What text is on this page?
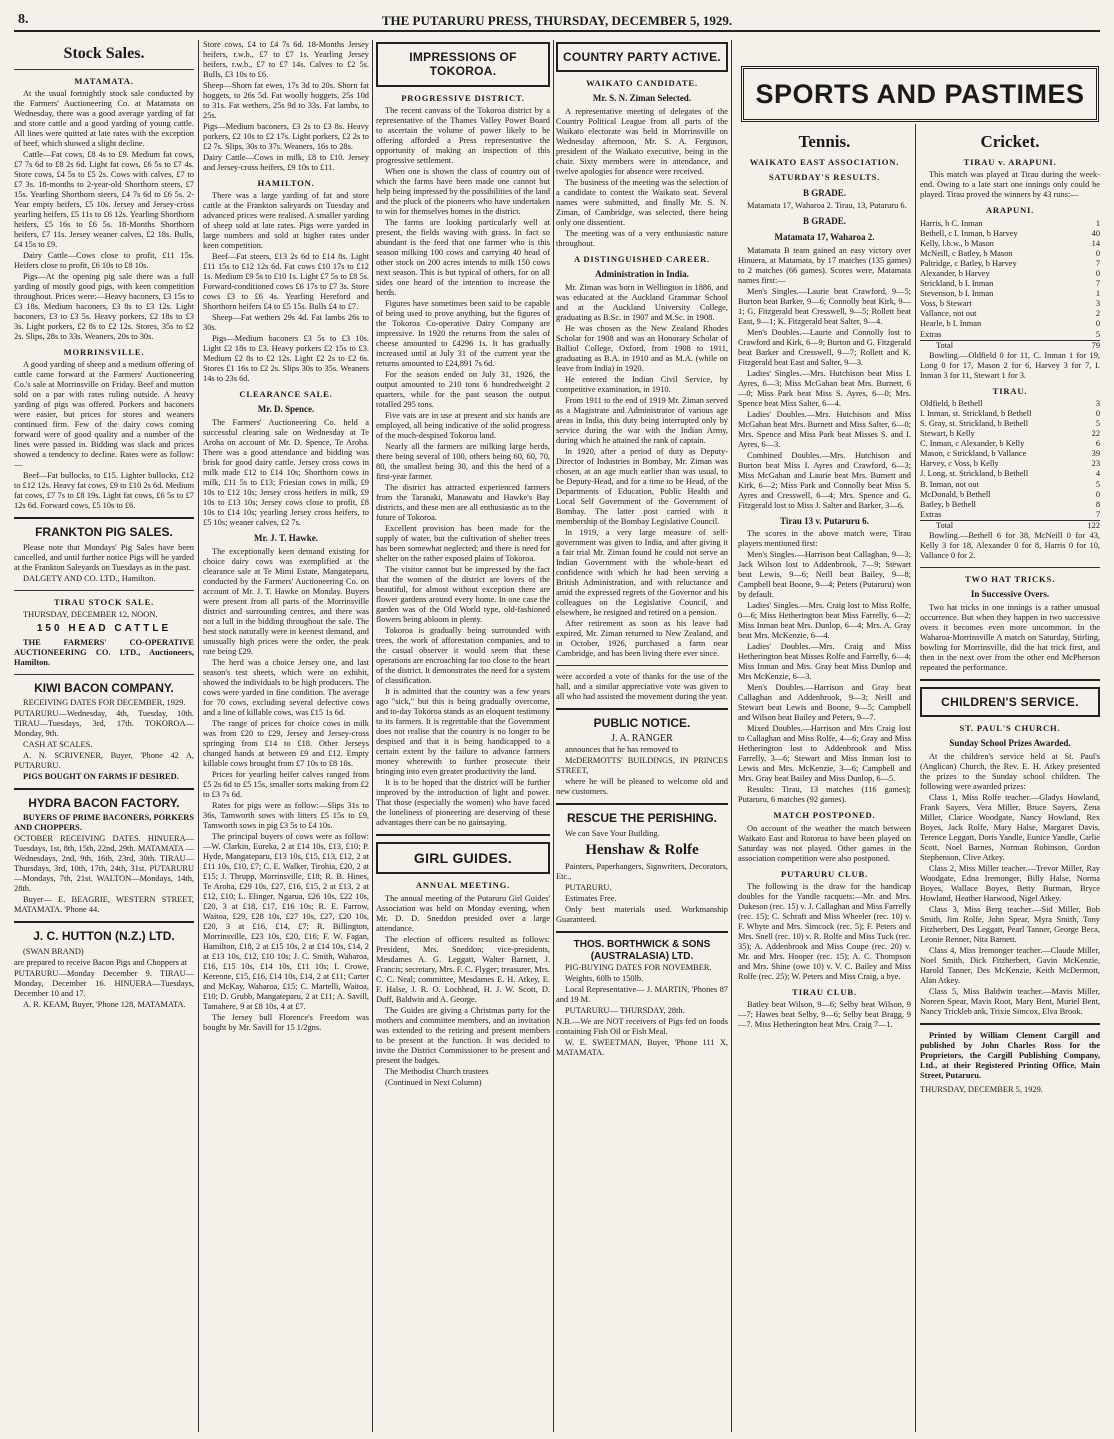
8.	THE PUTARURU PRESS, THURSDAY, DECEMBER 5, 1929.
Stock Sales.
MATAMATA.

At the usual fortnightly stock sale conducted by the Farmers' Auctioneering Co. at Matamata on Wednesday, there was a good average yarding of fat and store cattle and a good yarding of young cattle. All lines were quitted at late rates with the exception of beef, which showed a slight decline.

Cattle—Fat cows, £8 4s to £9. Medium fat cows, £7 7s 6d to £8 2s 6d. Light fat cows, £6 5s to £7 4s. Store cows, £4 5s to £5 2s. Cows with calves, £7 to £7 3s. 18-months to 2-year-old Shorthorn steers, £7 15s. Yearling Shorthorn steers, £4 7s 6d to £6 5s. 2-Year empty heifers, £5 10s. Jersey and Jersey-cross yearling heifers, £5 11s to £6 12s. Yearling Shorthorn heifers, £5 16s to £6 5s. 18-Months Shorthorn heifers, £7 11s. Jersey weaner calves, £2 18s. Bulls, £4 15s to £9.

Dairy Cattle—Cows close to profit, £11 15s. Heifers close to profit, £6 10s to £8 10s.

Pigs—At the opening pig sale there was a full yarding of mostly good pigs, with keen competition throughout. Prices were:—Heavy baconers, £3 15s to £3 18s. Medium baconers, £3 8s to £3 12s. Light baconers, £3 to £3 5s. Heavy porkers, £2 18s to £3 3s. Light porkers, £2 8s to £2 12s. Stores, 35s to £2 2s. Slips, 28s to 33s. Weaners, 20s to 30s.

MORRINSVILLE.

A good yarding of sheep and a medium offering of cattle came forward at the Farmers' Auctioneering Co.'s sale at Morrinsville on Friday. Beef and mutton sold on a par with rates ruling outside. A heavy yarding of pigs was offered. Porkers and baconers were easier, but prices for stores and weaners continued firm. Few of the dairy cows coming forward were of good quality and a number of the lines were passed in. Bidding was slack and prices showed a tendency to decline. Rates were as follow:—

Beef—Fat bullocks, to £15. Lighter bullocks, £12 to £12 12s. Heavy fat cows, £9 to £10 2s 6d. Medium fat cows, £7 7s to £8 19s. Light fat cows, £6 5s to £7 12s 6d. Forward cows, £5 10s to £6.

FRANKTON PIG SALES.

Please note that Mondays' Pig Sales have been cancelled, and until further notice Pigs will be yarded at the Frankton Saleyards on Tuesdays as in the past.

DALGETY AND CO. LTD., Hamilton.

TIRAU STOCK SALE.

THURSDAY, DECEMBER 12, NOON.

150 HEAD CATTLE

THE FARMERS' CO-OPERATIVE AUCTIONEERING CO. LTD., Auctioneers, Hamilton.

KIWI BACON COMPANY.

RECEIVING DATES FOR DECEMBER, 1929.

PUTARURU—Wednesday, 4th, Tuesday, 10th. TIRAU—Tuesdays, 3rd, 17th. TOKOROA—Monday, 9th.

CASH AT SCALES.

A. N. SCRIVENER, Buyer, 'Phone 42 A, PUTARURU.

PIGS BOUGHT ON FARMS IF DESIRED.

HYDRA BACON FACTORY.

BUYERS OF PRIME BACONERS, PORKERS AND CHOPPERS.

OCTOBER RECEIVING DATES. HINUERA—Tuesdays, 1st, 8th, 15th, 22nd, 29th. MATAMATA — Wednesdays, 2nd, 9th, 16th, 23rd, 30th. TIRAU—Thursdays, 3rd, 10th, 17th, 24th, 31st. PUTARURU—Mondays, 7th, 21st. WALTON—Mondays, 14th, 28th.

Buyer— E. BEAGRIE, WESTERN STREET, MATAMATA. 'Phone 44.

J. C. HUTTON (N.Z.) LTD.

(SWAN BRAND)

are prepared to receive Bacon Pigs and Choppers at

PUTARURU—Monday December 9. TIRAU—Monday, December 16. HINUERA—Tuesdays, December 10 and 17.

A. R. KEAM, Buyer, 'Phone 128, MATAMATA.

Store cows, £4 to £4 7s 6d. 18-Months Jersey heifers, r.w.b., £7 to £7 1s. Yearling Jersey heifers, r.w.b., £7 to £7 14s. Calves to £2 5s. Bulls, £3 10s to £6.

Sheep—Shorn fat ewes, 17s 3d to 20s. Shorn fat hoggets, to 26s 5d. Fat woolly hoggets, 25s 10d to 31s. Fat wethers, 25s 9d to 33s. Fat lambs, to 25s.

Pigs—Medium baconers, £3 2s to £3 8s. Heavy porkers, £2 10s to £2 17s. Light porkers, £2 2s to £2 7s. Slips, 30s to 37s. Weaners, 16s to 28s.

Dairy Cattle—Cows in milk, £8 to £10. Jersey and Jersey-cross heifers, £9 10s to £11.

HAMILTON.

There was a large yarding of fat and store cattle at the Frankton saleyards on Tuesday and advanced prices were realised. A smaller yarding of sheep sold at late rates. Pigs were yarded in large numbers and sold at higher rates under keen competition.

Beef—Fat steers, £13 2s 6d to £14 8s. Light £11 15s to £12 12s 6d. Fat cows £10 17s to £12 1s. Medium £9 5s to £10 1s. Light £7 5s to £8 5s. Forward-conditioned cows £6 17s to £7 3s. Store cows £3 to £6 4s. Yearling Hereford and Shorthorn heifers £4 to £5 15s. Bulls £4 to £7.

Sheep—Fat wethers 29s 4d. Fat lambs 26s to 30s.

Pigs—Medium baconers £3 5s to £3 10s. Light £2 18s to £3. Heavy porkers £2 15s to £3. Medium £2 8s to £2 12s. Light £2 2s to £2 6s. Stores £1 16s to £2 2s. Slips 30s to 35s. Weaners 14s to 23s 6d.

CLEARANCE SALE.
Mr. D. Spence.

The Farmers' Auctioneering Co. held a successful clearing sale on Wednesday at Te Aroha on account of Mr. D. Spence, Te Aroha. There was a good attendance and bidding was brisk for good dairy cattle. Jersey cross cows in milk made £12 to £14 10s; Shorthorn cows in milk, £11 5s to £13; Friesian cows in milk, £9 10s to £12 10s; Jersey cross heifers in milk, £9 10s to £13 10s; Jersey cows close to profit, £8 10s to £14 10s; yearling Jersey cross heifers, to £5 10s; weaner calves, £2 7s.

Mr. J. T. Hawke.

The exceptionally keen demand existing for choice dairy cows was exemplified at the clearance sale at Te Mimi Estate, Mangateparu, conducted by the Farmers' Auctioneering Co. on account of Mr. J. T. Hawke on Monday. Buyers were present from all parts of the Morrinsville district and surrounding centres, and there was not a lull in the bidding throughout the sale. The best stock naturally were in keenest demand, and unusually high prices were the order, the peak rate being £29.

The herd was a choice Jersey one, and last season's test sheets, which were on exhibit, showed the individuals to be high producers. The cows were yarded in fine condition. The average for 70 cows, excluding several defective cows and a line of killable cows, was £15 1s 6d.

The range of prices for choice cows in milk was from £20 to £29, Jersey and Jersey-cross springing from £14 to £18. Other Jerseys changed hands at between £9 and £12. Empty killable cows brought from £7 10s to £8 10s.

Prices for yearling heifer calves ranged from £5 2s 6d to £5 15s, smaller sorts making from £2 to £3 7s 6d.

Rates for pigs were as follow:—Slips 31s to 36s, Tamworth sows with litters £5 15s to £9, Tamworth sows in pig £3 5s to £4 10s.

The principal buyers of cows were as follow:—W. Clarkin, Eureka, 2 at £14 10s, £13, £10; P. Hyde, Mangateparu, £13 10s, £15, £13, £12, 2 at £11 10s, £10, £7; C. E. Walker, Tirohia, £20, 2 at £15; J. Thrupp, Morrinsville, £18; R. B. Hines, Te Aroha, £29 10s, £27, £16, £15, 2 at £13, 2 at £12, £10; L. Elinger, Ngarua, £26 10s, £22 10s, £20, 3 at £18, £17, £16 10s; R. E. Farrow, Waitoa, £29, £28 10s, £27 10s, £27, £20 10s, £20, 3 at £16, £14, £7; R. Billington, Morrinsville, £23 10s, £20, £16; F. W. Fagan, Hamilton, £18, 2 at £15 10s, 2 at £14 10s, £14, 2 at £13 10s, £12, £10 10s; J. C. Smith, Waharoa, £16, £15 10s, £14 10s, £11 10s; I. Crowe, Kereone, £15, £16, £14 10s, £14, 2 at £11; Carter and McKay, Waharoa, £15; C. Martelli, Waitoa, £10; D. Grubb, Mangateparu, 2 at £11; A. Savill, Tamahere, 9 at £8 10s, 4 at £7.

The Jersey bull Florence's Freedom was bought by Mr. Savill for 15 1/2gns.

IMPRESSIONS OF TOKOROA.
PROGRESSIVE DISTRICT.

The recent canvass of the Tokoroa district by a representative of the Thames Valley Power Board to ascertain the volume of power likely to be offering afforded a Press representative the opportunity of making an inspection of this progressive settlement.

When one is shown the class of country out of which the farms have been made one cannot but help being impressed by the possibilities of the land and the pluck of the pioneers who have undertaken to win for themselves homes in the district.

The farms are looking particularly well at present, the fields waving with grass. In fact so abundant is the feed that one farmer who is this season milking 100 cows and carrying 40 head of other stock on 200 acres intends to milk 150 cows next season. This is but typical of others, for on all sides one heard of the intention to increase the herds.

Figures have sometimes been said to be capable of being used to prove anything, but the figures of the Tokoroa Co-operative Dairy Company are impressive. In 1920 the returns from the sales of cheese amounted to £4296 1s. It has gradually increased until at July 31 of the current year the returns amounted to £24,891 7s 6d.

For the season ended on July 31, 1926, the output amounted to 210 tons 6 hundredweight 2 quarters, while for the past season the output totalled 295 tons.

Five vats are in use at present and six hands are employed, all being indicative of the solid progress of the much-despised Tokoroa land.

Nearly all the farmers are milking large herds, there being several of 100, others being 60, 60, 70, 80, the smallest being 30, and this the herd of a first-year farmer.

The district has attracted experienced farmers from the Taranaki, Manawatu and Hawke's Bay districts, and these men are all enthusiastic as to the future of Tokoroa.

Excellent provision has been made for the supply of water, but the cultivation of shelter trees has been somewhat neglected; and there is need for shelter on the rather exposed plains of Tokoroa.

The visitor cannot but be impressed by the fact that the women of the district are lovers of the beautiful, for almost without exception there are flower gardens around every home. In one case the garden was of the Old World type, old-fashioned flowers being abloom in plenty.

Tokoroa is gradually being surrounded with trees, the work of afforestation companies, and to the casual observer it would seem that these operations are encroaching far too close to the heart of the district. It demonstrates the need for a system of classification.

It is admitted that the country was a few years ago "sick," but this is being gradually overcome, and to-day Tokoroa stands as an eloquent testimony to its farmers. It is regrettable that the Government does not realise that the country is no longer to be despised and that it is being handicapped to a certain extent by the failure to advance farmers money wherewith to further prosecute their bringing into even greater productivity the land.

It is to be hoped that the district will be further improved by the introduction of light and power. That those (especially the women) who have faced the loneliness of pioneering are deserving of these advantages there can be no gainsaying.

GIRL GUIDES.
ANNUAL MEETING.

The annual meeting of the Putaruru Girl Guides' Association was held on Monday evening, when Mr. D. D. Sneddon presided over a large attendance.

The election of officers resulted as follows: President, Mrs. Sneddon; vice-presidents, Mesdames A. G. Leggatt, Walter Barnett, J. Francis; secretary, Mrs. F. C. Flyger; treasurer, Mrs. C. C. Neal; committee, Mesdames E. H. Atkey, E. F. Halse, J. R. O. Lochhead, H. J. W. Scott, D. Duff, Baldwin and A. George.

The Guides are giving a Christmas party for the mothers and committee members, and an invitation was extended to the retiring and present members to be present at the function. It was decided to invite the District Commissioner to be present and present the badges.

The Methodist Church trustees

(Continued in Next Column)

COUNTRY PARTY ACTIVE.
WAIKATO CANDIDATE.
Mr. S. N. Ziman Selected.

A representative meeting of delegates of the Country Political League from all parts of the Waikato electorate was held in Morrinsville on Wednesday afternoon, Mr. S. A. Ferguson, president of the Waikato executive, being in the chair. Sixty members were in attendance, and twelve apologies for absence were received.

The business of the meeting was the selection of a candidate to contest the Waikato seat. Several names were submitted, and finally Mr. S. N. Ziman, of Cambridge, was selected, there being only one dissentient.

The meeting was of a very enthusiastic nature throughout.

A DISTINGUISHED CAREER.
Administration in India.

Mr. Ziman was born in Wellington in 1886, and was educated at the Auckland Grammar School and at the Auckland University College, graduating as B.Sc. in 1907 and M.Sc. in 1908.

He was chosen as the New Zealand Rhodes Scholar for 1908 and was an Honorary Scholar of Balliol College, Oxford, from 1908 to 1911, graduating as B.A. in 1910 and as M.A. (while on leave from India) in 1920.

He entered the Indian Civil Service, by competitive examination, in 1910.

From 1911 to the end of 1919 Mr. Ziman served as a Magistrate and Administrator of various age areas in India, this duty being interrupted only by service during the war with the Indian Army, during which he attained the rank of captain.

In 1920, after a period of duty as Deputy-Director of Industries in Bombay, Mr. Ziman was chosen, at an age much earlier than was usual, to be Deputy-Head, and for a time to be Head, of the Departments of Education, Public Health and Local Self Government of the Government of Bombay. The latter post carried with it membership of the Bombay Legislative Council.

In 1919, a very large measure of self-government was given to India, and after giving it a fair trial Mr. Ziman found he could not serve an Indian Government with the whole-heart ed confidence with which he had been serving a British Administration, and with reluctance and amid the expressed regrets of the Governor and his colleagues on the Legislative Council, and elsewhere, he resigned and retired on a pension.

After retirement as soon as his leave had expired, Mr. Ziman returned to New Zealand, and in October, 1926, purchased a farm near Cambridge, and has been living there ever since.

were accorded a vote of thanks for the use of the hall, and a similar appreciative vote was given to all who had assisted the movement during the year.

PUBLIC NOTICE.
J. A. RANGER

announces that he has removed to

McDERMOTTS' BUILDINGS, IN PRINCES STREET,

where he will be pleased to welcome old and new customers.

RESCUE THE PERISHING.

We can Save Your Building.

Henshaw & Rolfe

Painters, Paperhangers, Signwriters, Decorators, Etc.,

PUTARURU.

Estimates Free.

Only best materials used. Workmanship Guaranteed.

THOS. BORTHWICK & SONS (AUSTRALASIA) LTD.

PIG-BUYING DATES FOR NOVEMBER.

Weights, 60lb to 150lb.

Local Representative— J. MARTIN, 'Phones 87 and 19 M.

PUTARURU— THURSDAY, 28th.

N.B.—We are NOT receivers of Pigs fed on foods containing Fish Oil or Fish Meal.

W. E. SWEETMAN, Buyer, 'Phone 111 X, MATAMATA.

SPORTS AND PASTIMES
Tennis.
WAIKATO EAST ASSOCIATION.
SATURDAY'S RESULTS.
B GRADE.

Matamata 17, Waharoa 2. Tirau, 13, Putaruru 6.

B GRADE.
Matamata 17, Waharoa 2.

Matamata B team gained an easy victory over Hinuera, at Matamata, by 17 matches (135 games) to 2 matches (66 games). Scores were, Matamata names first:—

Men's Singles.—Laurie beat Crawford, 9—5; Burton beat Barker, 9—6; Connolly beat Kirk, 9—1; G. Fitzgerald beat Cresswell, 9—5; Rollett beat East, 9—1; K. Fitzgerald beat Salter, 9—4.

Men's Doubles.—Laurie and Connolly lost to Crawford and Kirk, 6—9; Burton and G. Fitzgerald beat Barker and Cresswell, 9—7; Rollett and K. Fitzgerald beat East and Salter, 9—3.

Ladies' Singles.—Mrs. Hutchison beat Miss I. Ayres, 6—3; Miss McGahan beat Mrs. Burnett, 6—0; Miss Park beat Miss S. Ayres, 6—0; Mrs. Spence beat Miss Salter, 6—4.

Ladies' Doubles.—Mrs. Hutchison and Miss McGahan beat Mrs. Burnett and Miss Salter, 6—0; Mrs. Spence and Miss Park beat Misses S. and I. Ayres, 6—3.

Combined Doubles.—Mrs. Hutchison and Burton beat Miss I. Ayres and Crawford, 6—3; Miss McGahan and Laurie beat Mrs. Burnett and Kirk, 6—2; Miss Park and Connolly beat Miss S. Ayres and Cresswell, 6—4; Mrs. Spence and G. Fitzgerald lost to Miss J. Salter and Barker, 3—6.

Tirau 13 v. Putaruru 6.

The scores in the above match were, Tirau players mentioned first:

Men's Singles.—Harrison beat Callaghan, 9—3; Jack Wilson lost to Addenbrook, 7—9; Stewart beat Lewis, 9—6; Neill beat Bailey, 9—8; Campbell beat Boone, 9—4; Peters (Putaruru) won by default.

Ladies' Singles.—Mrs. Craig lost to Miss Rolfe, 0—6; Miss Hetherington beat Miss Farrelly, 6—2; Miss Inman beat Mrs. Dunlop, 6—4; Mrs. A. Gray beat Mrs. McKenzie, 6—4.

Ladies' Doubles.—Mrs. Craig and Miss Hetherington beat Misses Rolfe and Farrelly, 6—4; Miss Inman and Mrs. Gray beat Miss Dunlop and Mrs McKenzie, 6—3.

Men's Doubles.—Harrison and Gray beat Callaghan and Addenbrook, 9—3; Neill and Stewart beat Lewis and Boone, 9—5; Campbell and Wilson beat Bailey and Peters, 9—7.

Mixed Doubles.—Harrison and Mrs Craig lost to Callaghan and Miss Rolfe, 4—6; Gray and Miss Hetherington lost to Addenbrook and Miss Farrelly, 3—6; Stewart and Miss Inman lost to Lewis and Mrs. McKenzie, 3—6; Campbell and Mrs. Gray beat Bailey and Miss Dunlop, 6—5.

Results: Tirau, 13 matches (116 games); Putaruru, 6 matches (92 games).

MATCH POSTPONED.

On account of the weather the match between Waikato East and Rotorua to have been played on Saturday was not played. Other games in the association competition were also postponed.

PUTARURU CLUB.

The following is the draw for the handicap doubles for the Yandle racquets:—Mr. and Mrs. Dukeson (rec. 15) v. J. Callaghan and Miss Farrelly (rec. 15); C. Schraft and Miss Wheeler (rec. 10) v. F. Whyte and Mrs. Simcock (rec. 5); F. Peters and Mrs. Snell (rec. 10) v. R. Rolfe and Miss Tuck (rec. 35); A. Addenbrook and Miss Coupe (rec. 20) v. Mr. and Mrs. Hooper (rec. 15); A. C. Thompson and Mrs. Shine (owe 10) v. V. C. Bailey and Miss Rolfe (rec. 25); W. Peters and Miss Craig, a bye.

TIRAU CLUB.

Batley beat Wilson, 9—6; Selby beat Wilson, 9—7; Hawes beat Selby, 9—6; Selby beat Bragg, 9—7. Miss Hetherington beat Mrs. Craig 7—1.

Cricket.
TIRAU v. ARAPUNI.

This match was played at Tirau during the week-end. Owing to a late start one innings only could be played. Tirau proved the winners by 43 runs:—

ARAPUNI.
Harris, b C. Inman	1
Bethell, c I. Inman, b Harvey	40
Kelly, l.b.w., b Mason	14
McNeill, c Batley, b Mason	0
Paltridge, c Batley, b Harvey	7
Alexander, b Harvey	0
Strickland, b I. Inman	7
Stevenson, b I. Inman	1
Voss, b Stewart	3
Vallance, not out	2
Hearle, b I. Inman	0
Extras	5
Total	79

Bowling.—Oldfield 0 for 11, C. Inman 1 for 19, Long 0 for 17, Mason 2 for 6, Harvey 3 for 7, I. Inman 3 for 11, Stewart 1 for 3.

TIRAU.
Oldfield, b Bethell	3
I. Inman, st. Strickland, b Bethell	0
S. Gray, st. Strickland, b Bethell	5
Stewart, b Kelly	22
C. Inman, c Alexander, b Kelly	6
Mason, c Strickland, b Vallance	39
Harvey, c Voss, b Kelly	23
J. Long, st. Strickland, b Bethell	4
B. Inman, not out	5
McDonald, b Bethell	0
Batley, b Bethell	8
Extras	7
Total	122

Bowling.—Bethell 6 for 38, McNeill 0 for 43, Kelly 3 for 18, Alexander 0 for 8, Harris 0 for 10, Vallance 0 for 2.

TWO HAT TRICKS.
In Successive Overs.

Two hat tricks in one innings is a rather unusual occurrence. But when they happen in two successive overs it becomes even more uncommon. In the Waharoa-Morrinsville A match on Saturday, Stirling, bowling for Morrinsville, did the hat trick first, and then in the next over from the other end McPherson repeated the performance.

CHILDREN'S SERVICE.
ST. PAUL'S CHURCH.
Sunday School Prizes Awarded.

At the children's service held at St. Paul's (Anglican) Church, the Rev. E. H. Atkey presented the prizes to the Sunday school children. The following were awarded prizes:

Class 1, Miss Rolfe teacher.—Gladys Howland, Frank Sayers, Vera Miller, Bruce Sayers, Zena Miller, Clarice Woodgate, Nancy Howland, Rex Boyes, Jack Rolfe, Mary Halse, Margaret Davis, Terence Leggatt, Doris Yandle, Eunice Yandle, Carlie Scott, Noel Barnes, Norman Robinson, Gordon Stephenson, Clive Atkey.

Class 2, Miss Miller teacher.—Trevor Miller, Ray Woodgate, Edna Iremonger, Billy Halse, Norma Boyes, Wallace Boyes, Betty Burman, Bryce Howland, Heather Harwood, Nigel Atkey.

Class 3, Miss Berg teacher.—Sid Miller, Bob Smith, Jim Rolfe, John Spear, Myra Smith, Tony Fitzherbert, Des Leggatt, Pearl Tanner, George Beca, Leonie Renner, Nita Barnett.

Class 4, Miss Iremonger teacher.—Claude Miller, Noel Smith, Dick Fitzherbert, Gavin McKenzie, Harold Tanner, Des McKenzie, Keith McDermott, Alan Atkey.

Class 5, Miss Baldwin teacher.—Mavis Miller, Noreen Spear, Mavis Root, Mary Bent, Muriel Bent, Nancy Trickleb ank, Trixie Simcox, Elva Brook.

Printed by William Clement Cargill and published by John Charles Ross for the Proprietors, the Cargill Publishing Company, Ltd., at their Registered Printing Office, Main Street, Putaruru.

THURSDAY, DECEMBER 5, 1929.
